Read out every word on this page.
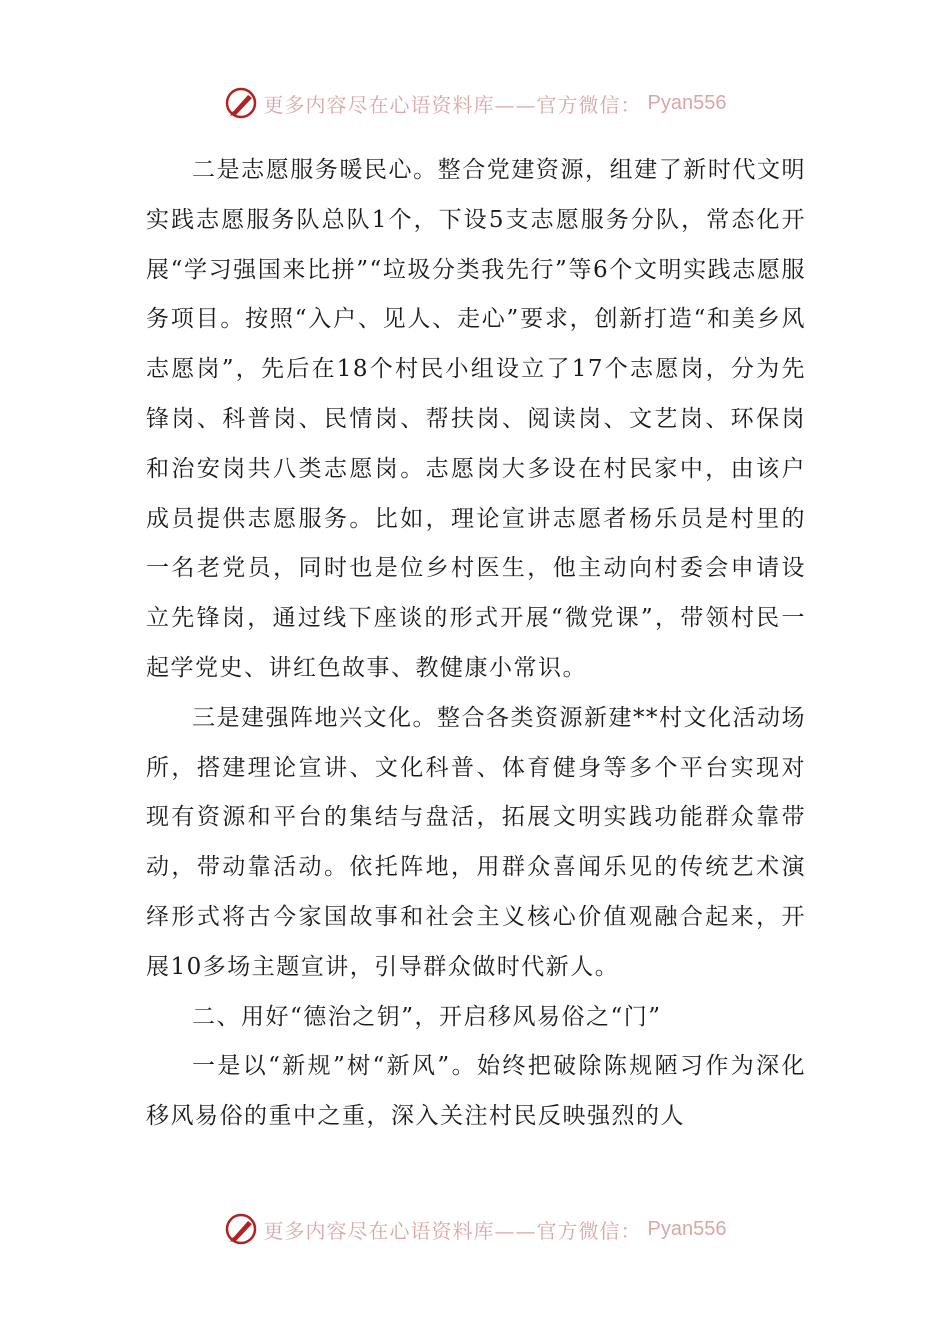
更多内容尽在心语资料库——官方微信： Pyan556

二是志愿服务暖民心。整合党建资源，组建了新时代文明实践志愿服务队总队1个，下设5支志愿服务分队，常态化开展“学习强国来比拼”“垃圾分类我先行”等6个文明实践志愿服务项目。按照“入户、见人、走心”要求，创新打造“和美乡风志愿岗”，先后在18个村民小组设立了17个志愿岗，分为先锋岗、科普岗、民情岗、帮扶岗、阅读岗、文艺岗、环保岗和治安岗共八类志愿岗。志愿岗大多设在村民家中，由该户成员提供志愿服务。比如，理论宣讲志愿者杨乐员是村里的一名老党员，同时也是位乡村医生，他主动向村委会申请设立先锋岗，通过线下座谈的形式开展“微党课”，带领村民一起学党史、讲红色故事、教健康小常识。

三是建强阵地兴文化。整合各类资源新建**村文化活动场所，搭建理论宣讲、文化科普、体育健身等多个平台实现对现有资源和平台的集结与盘活，拓展文明实践功能群众靠带动，带动靠活动。依托阵地，用群众喜闻乐见的传统艺术演绎形式将古今家国故事和社会主义核心价值观融合起来，开展10多场主题宣讲，引导群众做时代新人。

二、用好“德治之钥”，开启移风易俗之“门”

一是以“新规”树“新风”。始终把破除陈规陋习作为深化移风易俗的重中之重，深入关注村民反映强烈的人

更多内容尽在心语资料库——官方微信： Pyan556
